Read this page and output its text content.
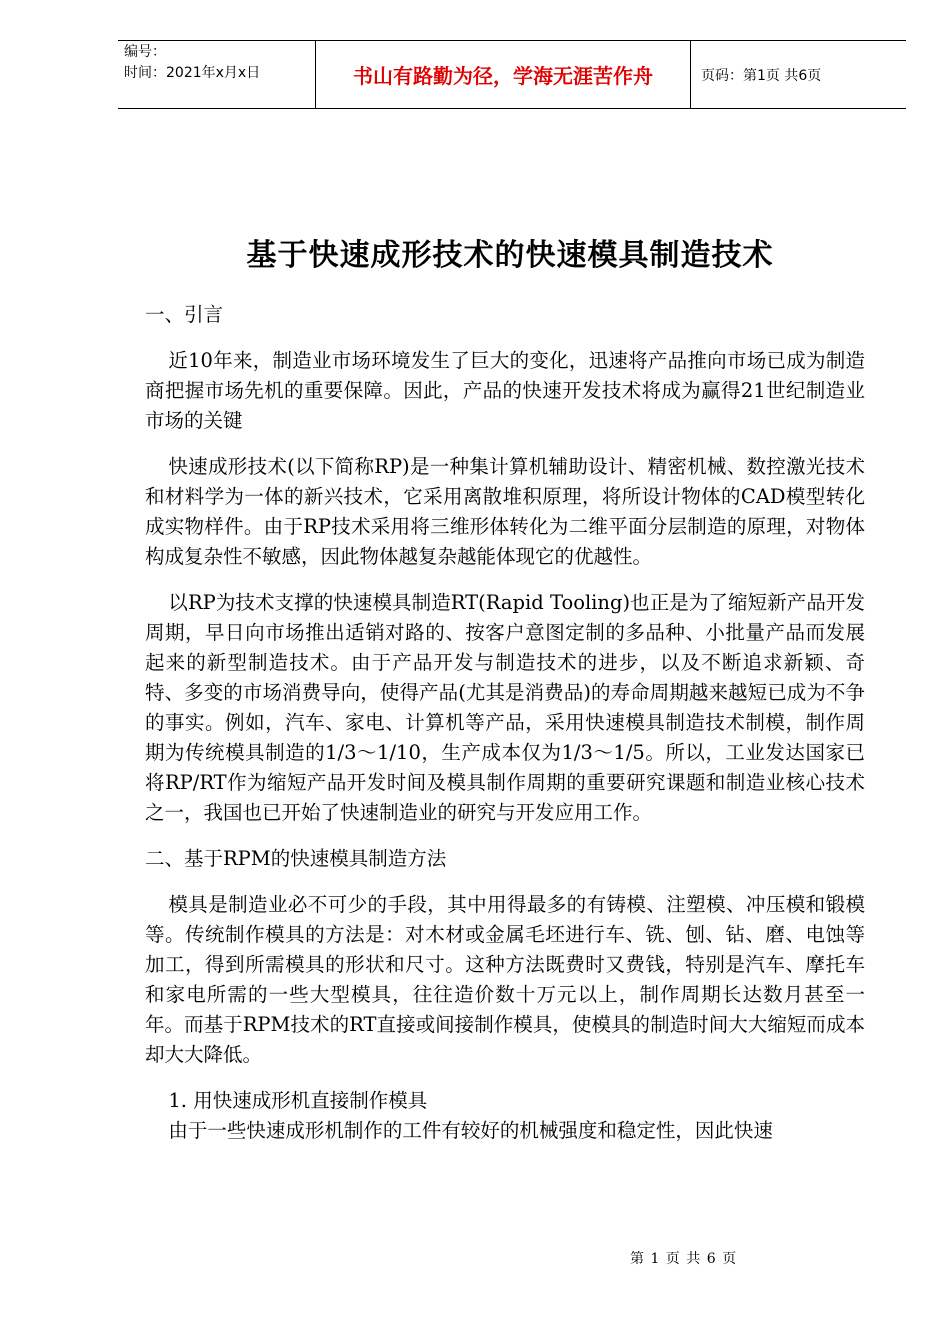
编号：
时间：2021年x月x日	书山有路勤为径，学海无涯苦作舟	页码：第1页 共6页
基于快速成形技术的快速模具制造技术

一、引言

近10年来，制造业市场环境发生了巨大的变化，迅速将产品推向市场已成为制造商把握市场先机的重要保障。因此，产品的快速开发技术将成为赢得21世纪制造业市场的关键

快速成形技术(以下简称RP)是一种集计算机辅助设计、精密机械、数控激光技术和材料学为一体的新兴技术，它采用离散堆积原理，将所设计物体的CAD模型转化成实物样件。由于RP技术采用将三维形体转化为二维平面分层制造的原理，对物体构成复杂性不敏感，因此物体越复杂越能体现它的优越性。

以RP为技术支撑的快速模具制造RT(Rapid Tooling)也正是为了缩短新产品开发周期，早日向市场推出适销对路的、按客户意图定制的多品种、小批量产品而发展起来的新型制造技术。由于产品开发与制造技术的进步，以及不断追求新颖、奇特、多变的市场消费导向，使得产品(尤其是消费品)的寿命周期越来越短已成为不争的事实。例如，汽车、家电、计算机等产品，采用快速模具制造技术制模，制作周期为传统模具制造的1/3～1/10，生产成本仅为1/3～1/5。所以，工业发达国家已将RP/RT作为缩短产品开发时间及模具制作周期的重要研究课题和制造业核心技术之一，我国也已开始了快速制造业的研究与开发应用工作。

二、基于RPM的快速模具制造方法

模具是制造业必不可少的手段，其中用得最多的有铸模、注塑模、冲压模和锻模等。传统制作模具的方法是：对木材或金属毛坯进行车、铣、刨、钻、磨、电蚀等加工，得到所需模具的形状和尺寸。这种方法既费时又费钱，特别是汽车、摩托车和家电所需的一些大型模具，往往造价数十万元以上，制作周期长达数月甚至一年。而基于RPM技术的RT直接或间接制作模具，使模具的制造时间大大缩短而成本却大大降低。

1. 用快速成形机直接制作模具

由于一些快速成形机制作的工件有较好的机械强度和稳定性，因此快速

第 1 页 共 6 页
